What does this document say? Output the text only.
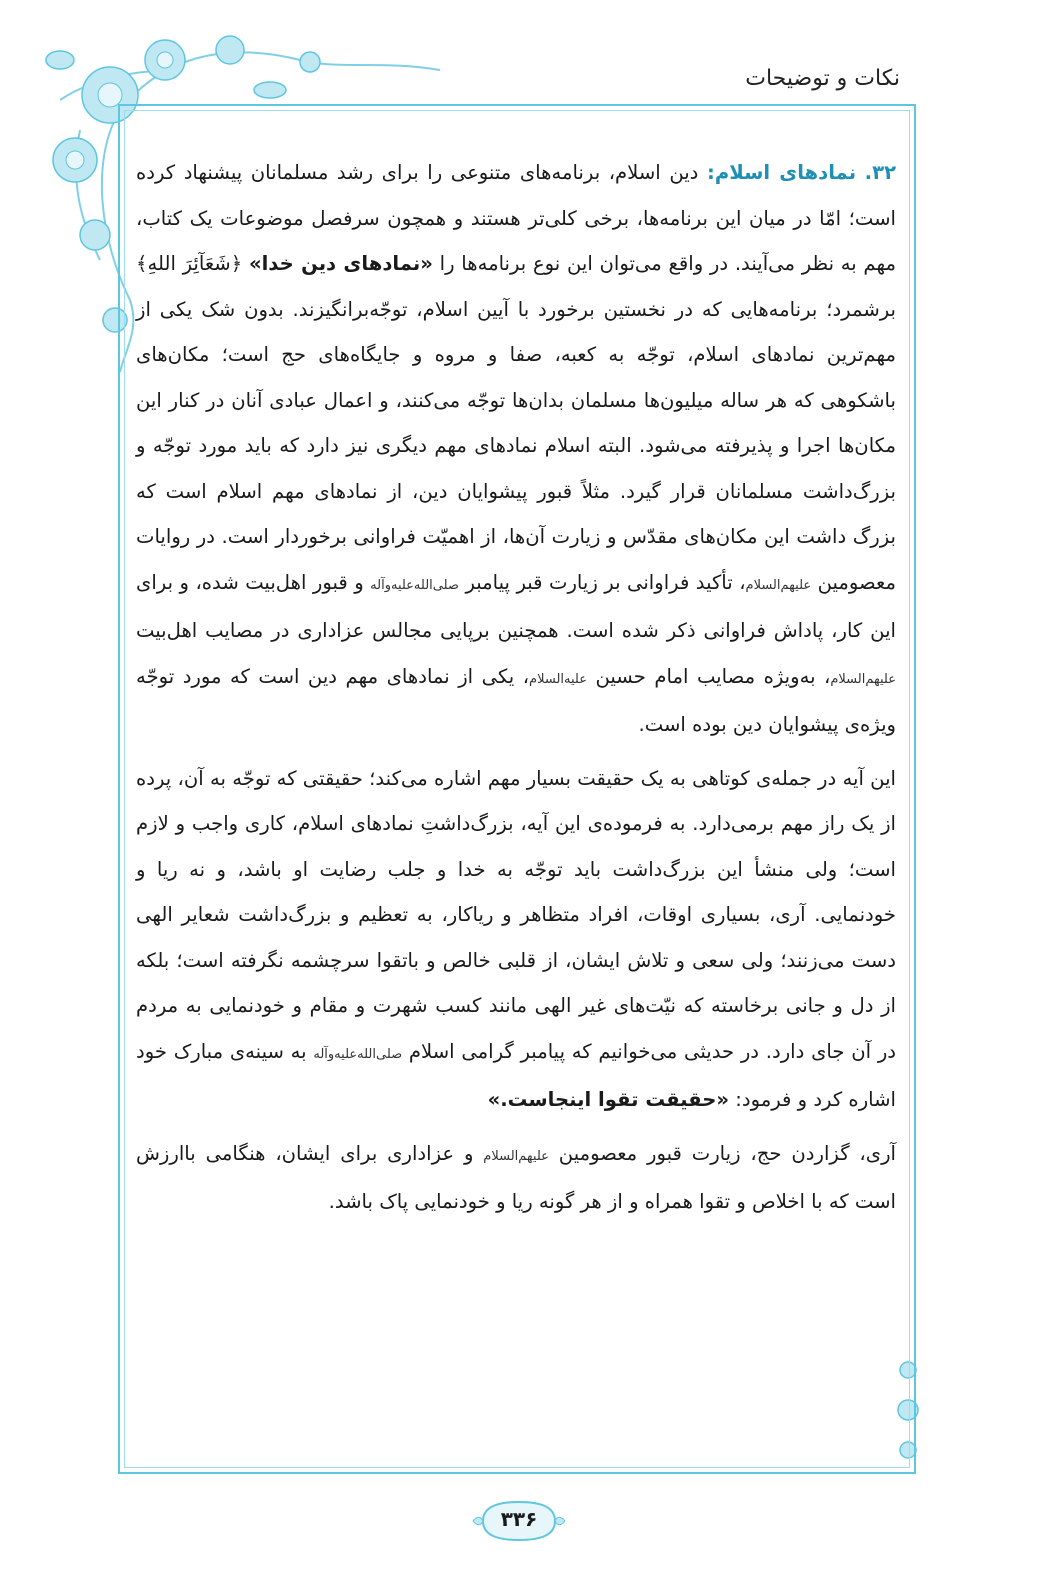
نکات و توضیحات

۳۲. نمادهای اسلام: دین اسلام، برنامه‌های متنوعی را برای رشد مسلمانان پیشنهاد کرده است؛ امّا در میان این برنامه‌ها، برخی کلی‌تر هستند و همچون سرفصل موضوعات یک کتاب، مهم به نظر می‌آیند. در واقع می‌توان این نوع برنامه‌ها را «نمادهای دین خدا» ﴿شَعَآئِرَ اللهِ﴾ برشمرد؛ برنامه‌هایی که در نخستین برخورد با آیین اسلام، توجّه‌برانگیزند. بدون شک یکی از مهم‌ترین نمادهای اسلام، توجّه به کعبه، صفا و مروه و جایگاه‌های حج است؛ مکان‌های باشکوهی که هر ساله میلیون‌ها مسلمان بدان‌ها توجّه می‌کنند، و اعمال عبادی آنان در کنار این مکان‌ها اجرا و پذیرفته می‌شود. البته اسلام نمادهای مهم دیگری نیز دارد که باید مورد توجّه و بزرگ‌داشت مسلمانان قرار گیرد. مثلاً قبور پیشوایان دین، از نمادهای مهم اسلام است که بزرگ داشت این مکان‌های مقدّس و زیارت آن‌ها، از اهمیّت فراوانی برخوردار است. در روایات معصومین علیهم‌السلام، تأکید فراوانی بر زیارت قبر پیامبر صلی‌الله‌علیه‌وآله و قبور اهل‌بیت شده، و برای این کار، پاداش فراوانی ذکر شده است. همچنین برپایی مجالس عزاداری در مصایب اهل‌بیت علیهم‌السلام، به‌ویژه مصایب امام حسین علیه‌السلام، یکی از نمادهای مهم دین است که مورد توجّه ویژه‌ی پیشوایان دین بوده است.

این آیه در جمله‌ی کوتاهی به یک حقیقت بسیار مهم اشاره می‌کند؛ حقیقتی که توجّه به آن، پرده از یک راز مهم برمی‌دارد. به فرموده‌ی این آیه، بزرگ‌داشتِ نمادهای اسلام، کاری واجب و لازم است؛ ولی منشأ این بزرگ‌داشت باید توجّه به خدا و جلب رضایت او باشد، و نه ریا و خودنمایی. آری، بسیاری اوقات، افراد متظاهر و ریاکار، به تعظیم و بزرگ‌داشت شعایر الهی دست می‌زنند؛ ولی سعی و تلاش ایشان، از قلبی خالص و باتقوا سرچشمه نگرفته است؛ بلکه از دل و جانی برخاسته که نیّت‌های غیر الهی مانند کسب شهرت و مقام و خودنمایی به مردم در آن جای دارد. در حدیثی می‌خوانیم که پیامبر گرامی اسلام صلی‌الله‌علیه‌وآله به سینه‌ی مبارک خود اشاره کرد و فرمود: «حقیقت تقوا اینجاست.»

آری، گزاردن حج، زیارت قبور معصومین علیهم‌السلام و عزاداری برای ایشان، هنگامی باارزش است که با اخلاص و تقوا همراه و از هر گونه ریا و خودنمایی پاک باشد.

۳۳۶
